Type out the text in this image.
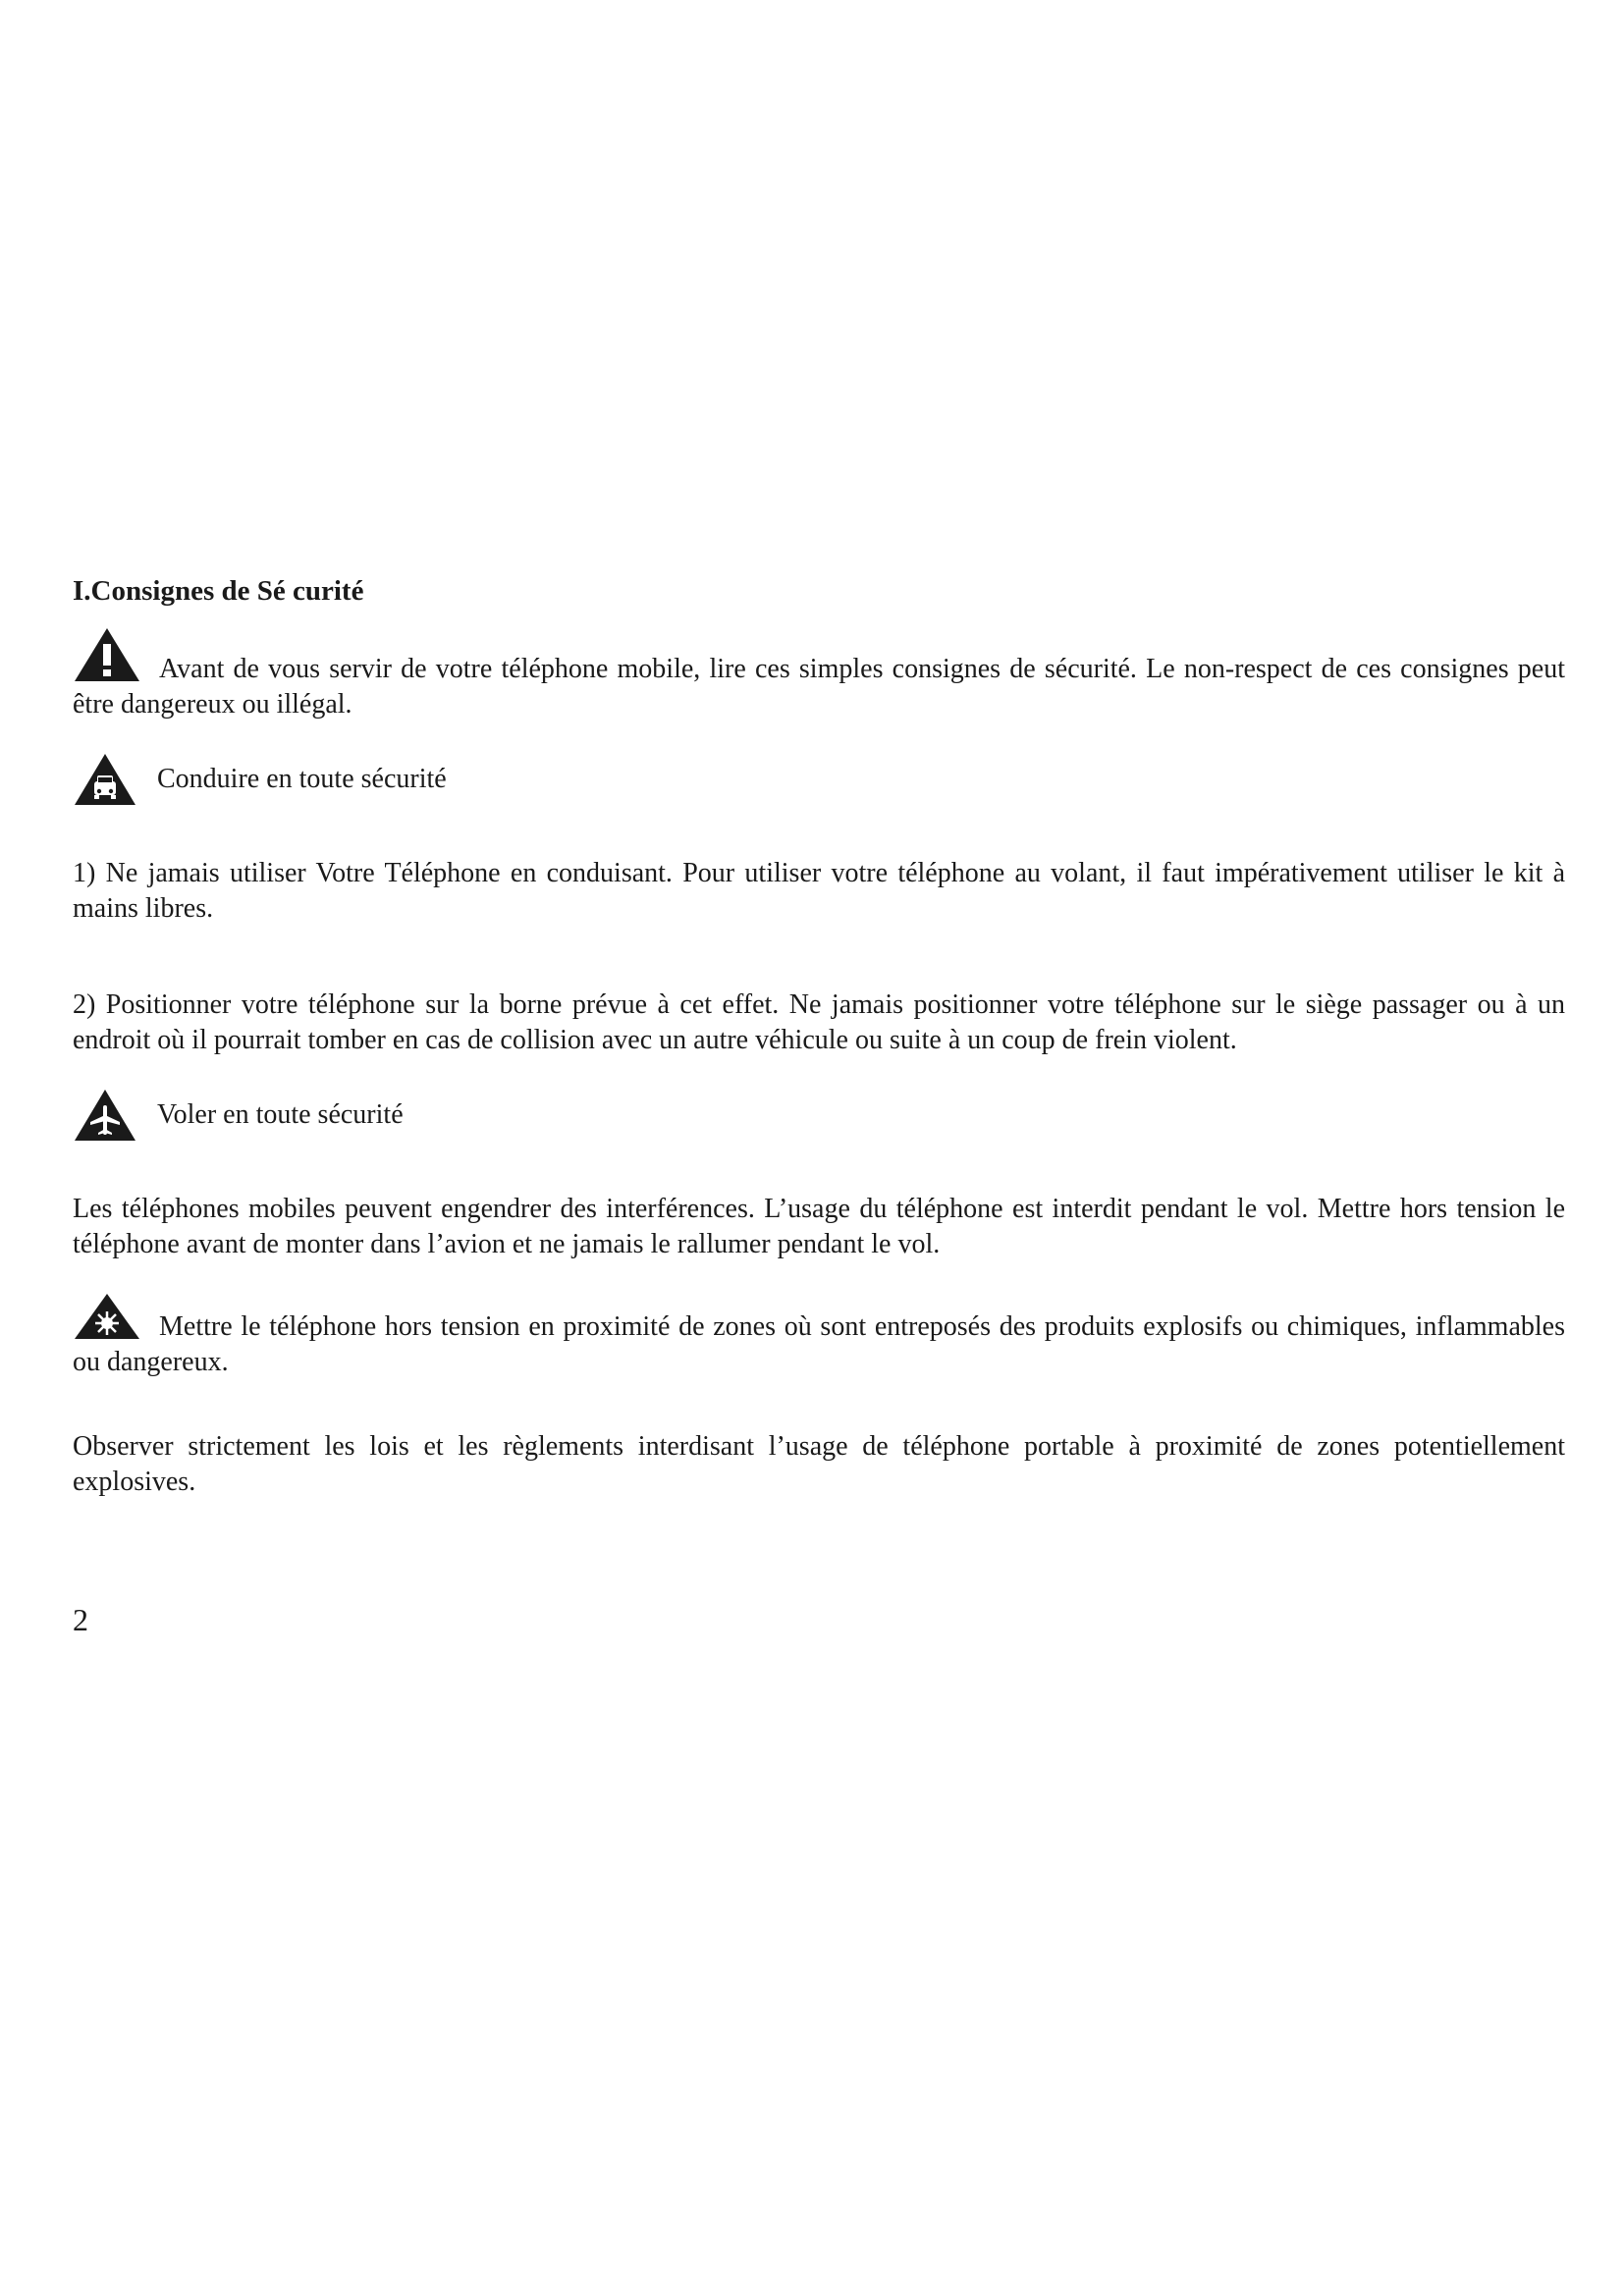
I.Consignes de Sé curité

Avant de vous servir de votre téléphone mobile, lire ces simples consignes de sécurité. Le non-respect de ces consignes peut être dangereux ou illégal.

Conduire en toute sécurité

1) Ne jamais utiliser Votre Téléphone en conduisant. Pour utiliser votre téléphone au volant, il faut impérativement utiliser le kit à mains libres.

2) Positionner votre téléphone sur la borne prévue à cet effet. Ne jamais positionner votre téléphone sur le siège passager ou à un endroit où il pourrait tomber en cas de collision avec un autre véhicule ou suite à un coup de frein violent.

Voler en toute sécurité

Les téléphones mobiles peuvent engendrer des interférences. L’usage du téléphone est interdit pendant le vol. Mettre hors tension le téléphone avant de monter dans l’avion et ne jamais le rallumer pendant le vol.

Mettre le téléphone hors tension en proximité de zones où sont entreposés des produits explosifs ou chimiques, inflammables ou dangereux.

Observer strictement les lois et les règlements interdisant l’usage de téléphone portable à proximité de zones potentiellement explosives.

2
